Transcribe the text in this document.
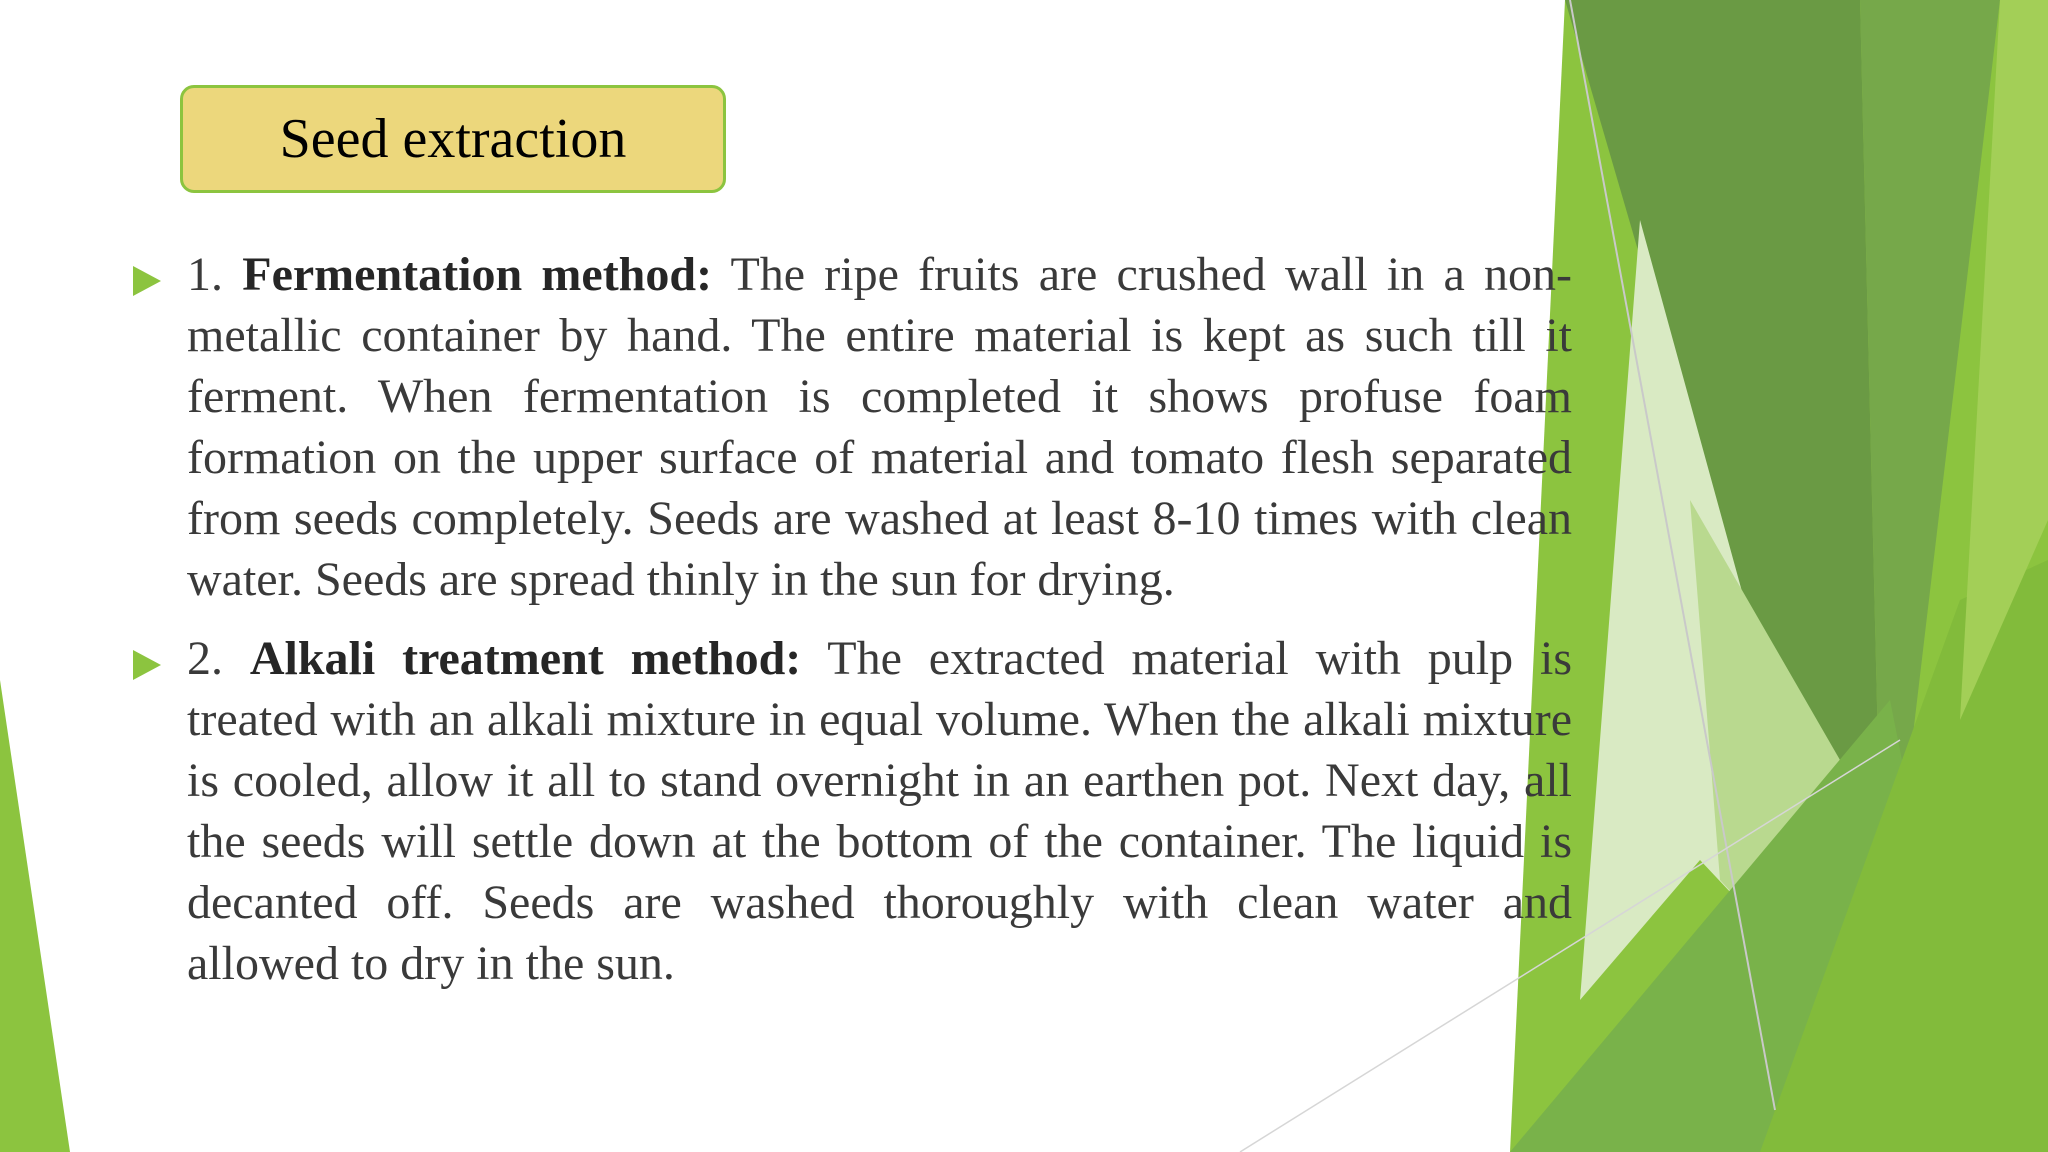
Seed extraction

1. Fermentation method: The ripe fruits are crushed wall in a non-metallic container by hand. The entire material is kept as such till it ferment. When fermentation is completed it shows profuse foam formation on the upper surface of material and tomato flesh separated from seeds completely. Seeds are washed at least 8-10 times with clean water. Seeds are spread thinly in the sun for drying.

2. Alkali treatment method: The extracted material with pulp is treated with an alkali mixture in equal volume. When the alkali mixture is cooled, allow it all to stand overnight in an earthen pot. Next day, all the seeds will settle down at the bottom of the container. The liquid is decanted off. Seeds are washed thoroughly with clean water and allowed to dry in the sun.
